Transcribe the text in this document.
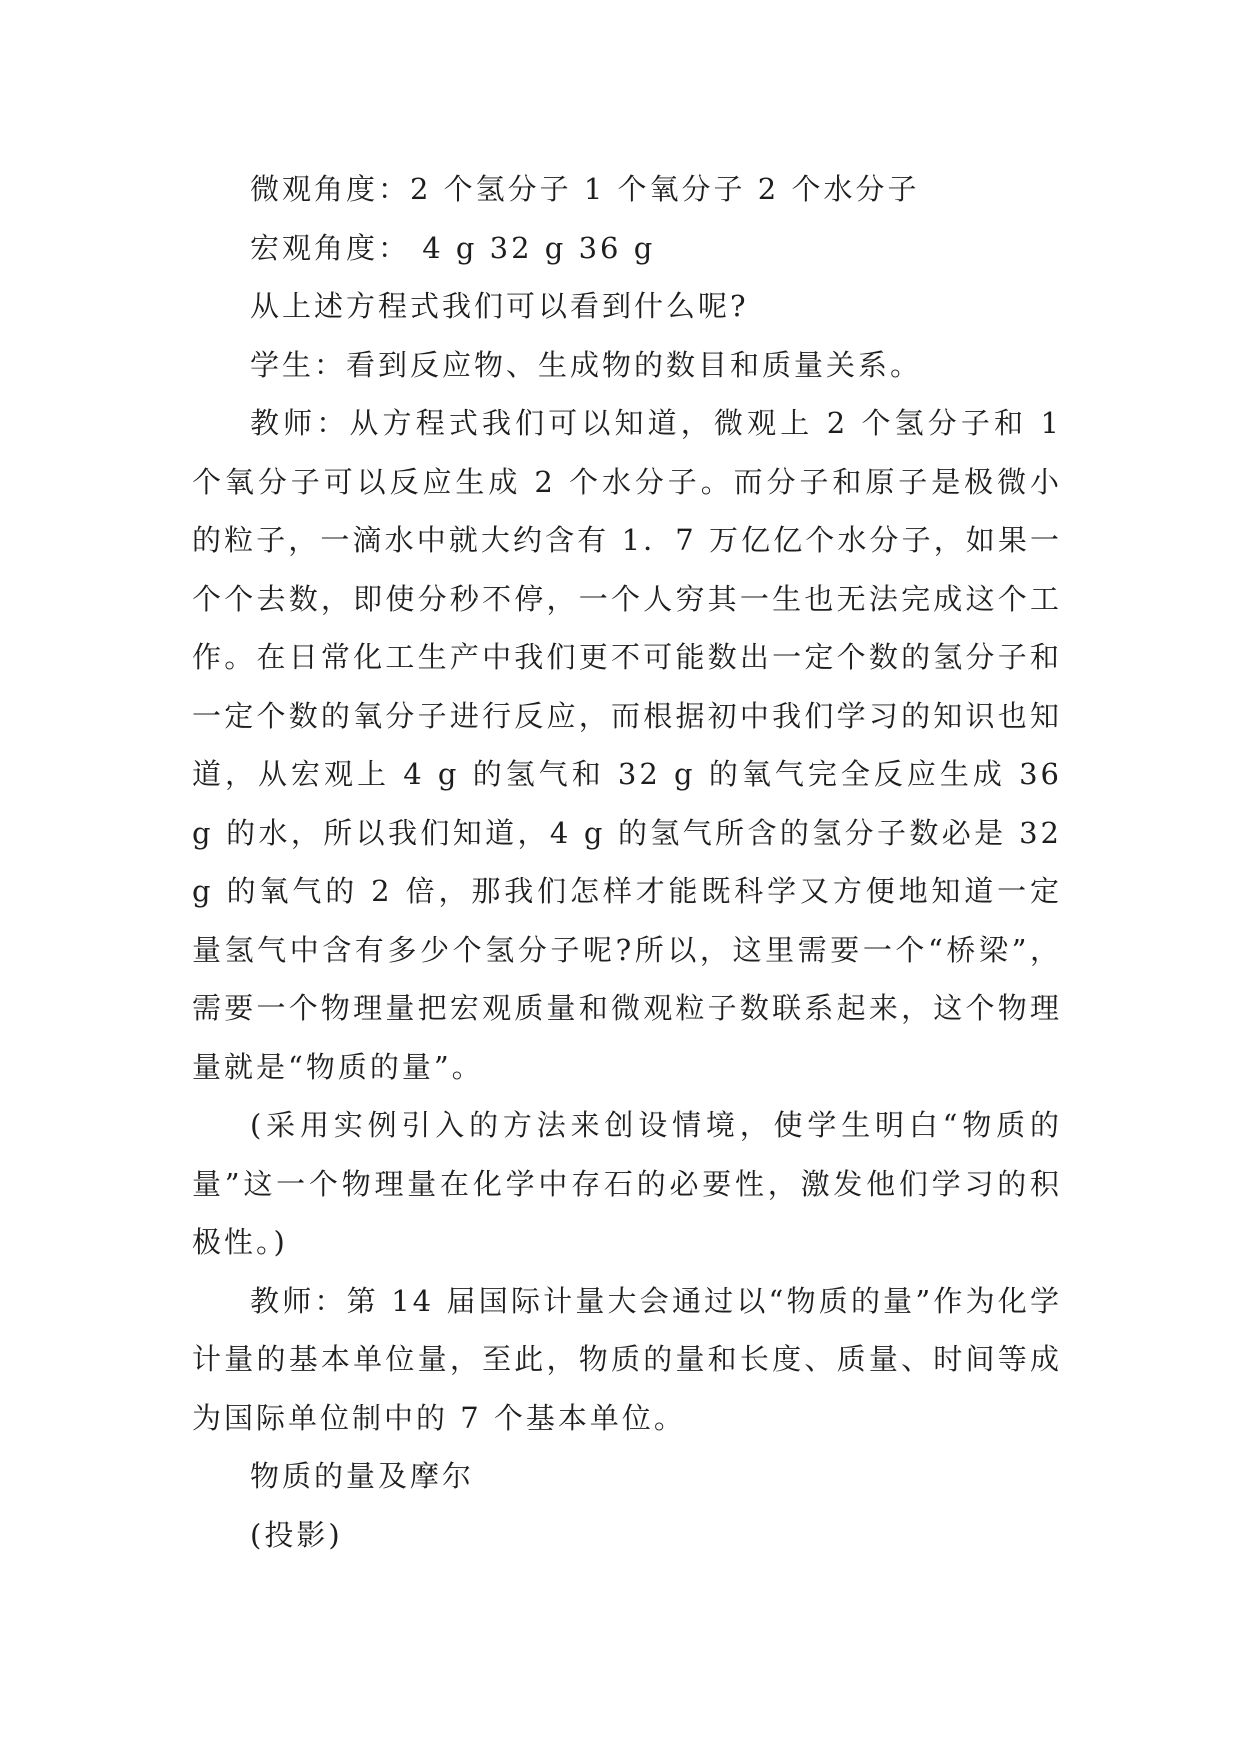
微观角度：2 个氢分子 1 个氧分子 2 个水分子

宏观角度： 4 g 32 g 36 g

从上述方程式我们可以看到什么呢?

学生：看到反应物、生成物的数目和质量关系。

教师：从方程式我们可以知道，微观上 2 个氢分子和 1 个氧分子可以反应生成 2 个水分子。而分子和原子是极微小的粒子，一滴水中就大约含有 1．7 万亿亿个水分子，如果一个个去数，即使分秒不停，一个人穷其一生也无法完成这个工作。在日常化工生产中我们更不可能数出一定个数的氢分子和一定个数的氧分子进行反应，而根据初中我们学习的知识也知道，从宏观上 4 g 的氢气和 32 g 的氧气完全反应生成 36 g 的水，所以我们知道，4 g 的氢气所含的氢分子数必是 32 g 的氧气的 2 倍，那我们怎样才能既科学又方便地知道一定量氢气中含有多少个氢分子呢?所以，这里需要一个“桥梁”，需要一个物理量把宏观质量和微观粒子数联系起来，这个物理量就是“物质的量”。

(采用实例引入的方法来创设情境，使学生明白“物质的量”这一个物理量在化学中存石的必要性，激发他们学习的积极性。)

教师：第 14 届国际计量大会通过以“物质的量”作为化学计量的基本单位量，至此，物质的量和长度、质量、时间等成为国际单位制中的 7 个基本单位。

物质的量及摩尔

(投影)
